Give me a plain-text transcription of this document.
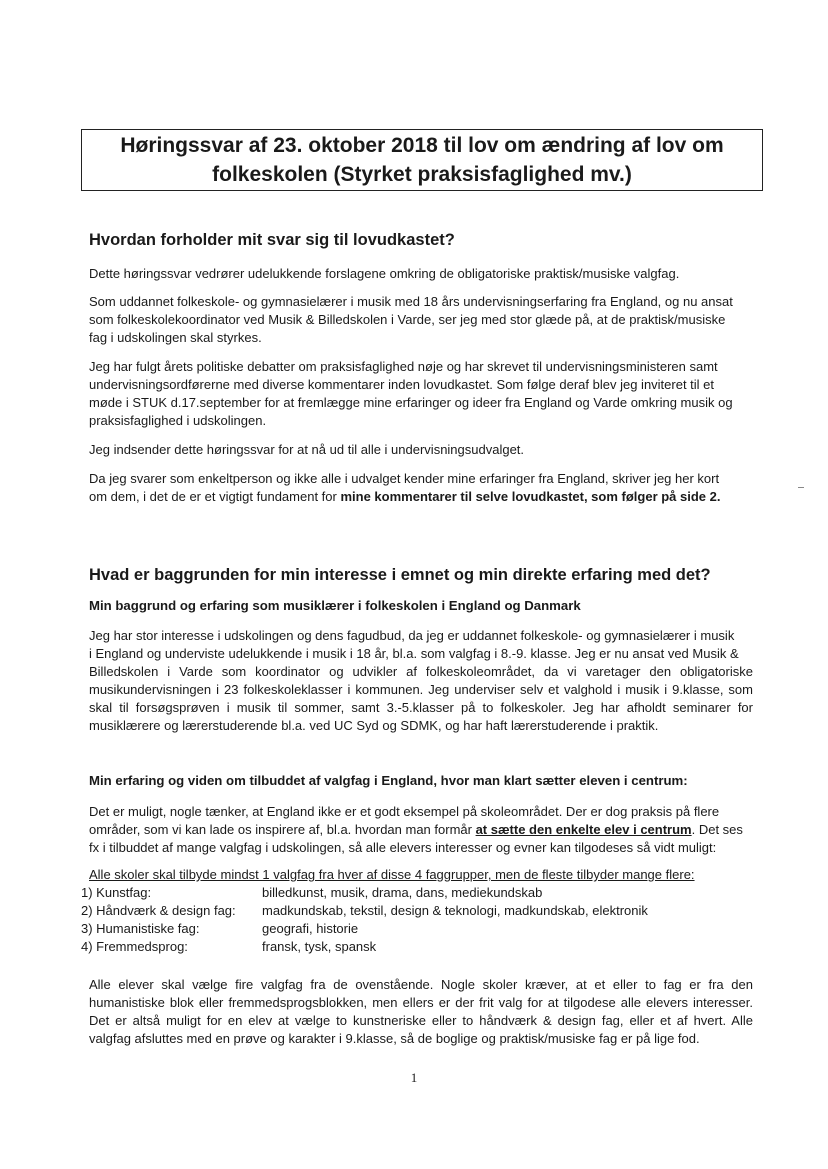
Høringssvar af 23. oktober 2018 til lov om ændring af lov om
folkeskolen (Styrket praksisfaglighed mv.)
Hvordan forholder mit svar sig til lovudkastet?
Dette høringssvar vedrører udelukkende forslagene omkring de obligatoriske praktisk/musiske valgfag.
Som uddannet folkeskole- og gymnasielærer i musik med 18 års undervisningserfaring fra England, og nu ansat
som folkeskolekoordinator ved Musik & Billedskolen i Varde, ser jeg med stor glæde på, at de praktisk/musiske
fag i udskolingen skal styrkes.
Jeg har fulgt årets politiske debatter om praksisfaglighed nøje og har skrevet til undervisningsministeren samt
undervisningsordførerne med diverse kommentarer inden lovudkastet. Som følge deraf blev jeg inviteret til et
møde i STUK d.17.september for at fremlægge mine erfaringer og ideer fra England og Varde omkring musik og
praksisfaglighed i udskolingen.
Jeg indsender dette høringssvar for at nå ud til alle i undervisningsudvalget.
Da jeg svarer som enkeltperson og ikke alle i udvalget kender mine erfaringer fra England, skriver jeg her kort
om dem, i det de er et vigtigt fundament for mine kommentarer til selve lovudkastet, som følger på side 2.
Hvad er baggrunden for min interesse i emnet og min direkte erfaring med det?
Min baggrund og erfaring som musiklærer i folkeskolen i England og Danmark
Jeg har stor interesse i udskolingen og dens fagudbud, da jeg er uddannet folkeskole- og gymnasielærer i musik
i England og underviste udelukkende i musik i 18 år, bl.a. som valgfag i 8.-9. klasse. Jeg er nu ansat ved Musik &
Billedskolen i Varde som koordinator og udvikler af folkeskoleområdet, da vi varetager den obligatoriske
musikundervisningen i 23 folkeskoleklasser i kommunen. Jeg underviser selv et valghold i musik i 9.klasse, som
skal til forsøgsprøven i musik til sommer, samt 3.-5.klasser på to folkeskoler. Jeg har afholdt seminarer for
musiklærere og lærerstuderende bl.a. ved UC Syd og SDMK, og har haft lærerstuderende i praktik.
Min erfaring og viden om tilbuddet af valgfag i England, hvor man klart sætter eleven i centrum:
Det er muligt, nogle tænker, at England ikke er et godt eksempel på skoleområdet. Der er dog praksis på flere
områder, som vi kan lade os inspirere af, bl.a. hvordan man formår at sætte den enkelte elev i centrum. Det ses
fx i tilbuddet af mange valgfag i udskolingen, så alle elevers interesser og evner kan tilgodeses så vidt muligt:
Alle skoler skal tilbyde mindst 1 valgfag fra hver af disse 4 faggrupper, men de fleste tilbyder mange flere:
1) Kunstfag:	billedkunst, musik, drama, dans, mediekundskab
2) Håndværk & design fag:	madkundskab, tekstil, design & teknologi, madkundskab, elektronik
3) Humanistiske fag:	geografi, historie
4) Fremmedsprog:	fransk, tysk, spansk
Alle elever skal vælge fire valgfag fra de ovenstående. Nogle skoler kræver, at et eller to fag er fra den
humanistiske blok eller fremmedsprogsblokken, men ellers er der frit valg for at tilgodese alle elevers interesser.
Det er altså muligt for en elev at vælge to kunstneriske eller to håndværk & design fag, eller et af hvert. Alle
valgfag afsluttes med en prøve og karakter i 9.klasse, så de boglige og praktisk/musiske fag er på lige fod.
1
